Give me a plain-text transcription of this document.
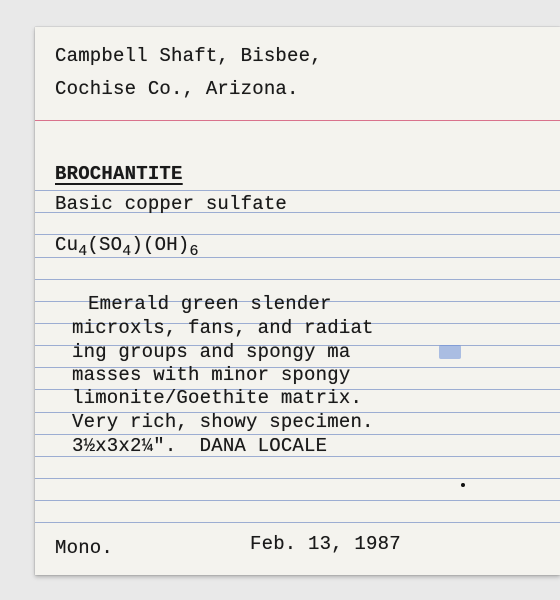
Campbell Shaft, Bisbee,
Cochise Co., Arizona.
BROCHANTITE
Basic copper sulfate
$Cu_4(SO_4)(OH)_6$
Emerald green slender
microxls, fans, and radiat
ing groups and spongy ma
masses with minor spongy
limonite/Goethite matrix.
Very rich, showy specimen.
3½x3x2¼".  DANA LOCALE
Mono.	Feb. 13, 1987
